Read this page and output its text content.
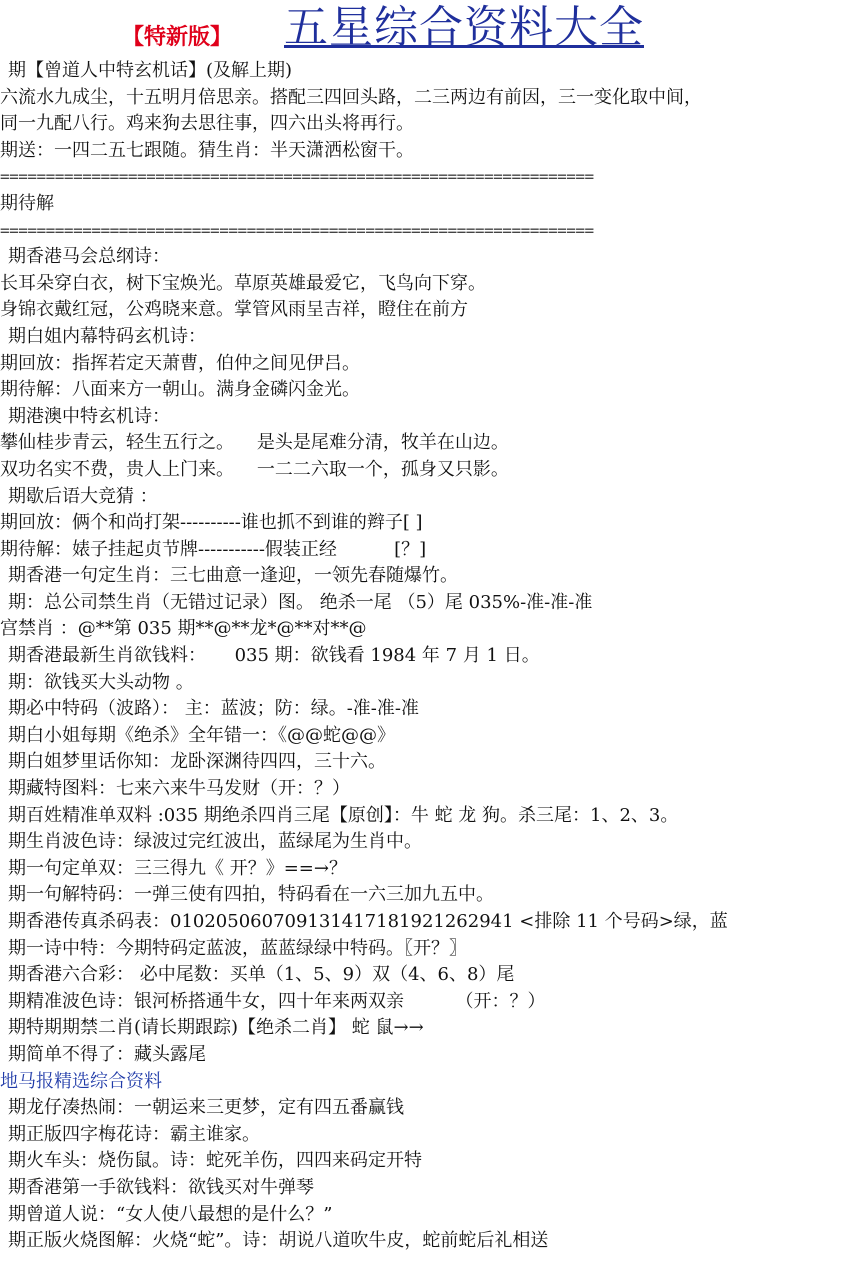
【特新版】 五星综合资料大全
期【曾道人中特玄机话】(及解上期)
六流水九成尘，十五明月倍思亲。搭配三四回头路，二三两边有前因，三一变化取中间，
同一九配八行。鸡来狗去思往事，四六出头将再行。
期送：一四二五七跟随。猜生肖：半天潇洒松窗干。
=================================================================
期待解
=================================================================
期香港马会总纲诗：
长耳朵穿白衣，树下宝焕光。草原英雄最爱它，飞鸟向下穿。
身锦衣戴红冠，公鸡晓来意。掌管风雨呈吉祥，瞪住在前方
期白姐内幕特码玄机诗：
期回放：指挥若定天萧曹，伯仲之间见伊吕。
期待解：八面来方一朝山。满身金磷闪金光。
期港澳中特玄机诗：
攀仙桂步青云，轻生五行之。    是头是尾难分清，牧羊在山边。
双功名实不费，贵人上门来。    一二二六取一个，孤身又只影。
期歇后语大竞猜 ：
期回放：俩个和尚打架----------谁也抓不到谁的辫子[ ]
期待解：婊子挂起贞节牌-----------假装正经          [？]
期香港一句定生肖：三七曲意一逢迎，一领先春随爆竹。
期：总公司禁生肖（无错过记录）图。 绝杀一尾 （5）尾 035%-准-准-准
宫禁肖 ：@**第 035 期**@**龙*@**对**@
期香港最新生肖欲钱料：     035 期：欲钱看 1984 年 7 月 1 日。
期：欲钱买大头动物 。
期必中特码（波路）： 主：蓝波；防：绿。-准-准-准
期白小姐每期《绝杀》全年错一：《@@蛇@@》
期白姐梦里话你知：龙卧深渊待四四，三十六。
期藏特图料：七来六来牛马发财（开：？）
期百姓精准单双料 :035 期绝杀四肖三尾【原创】：牛 蛇 龙 狗。杀三尾：1、2、3。
期生肖波色诗：绿波过完红波出，蓝绿尾为生肖中。
期一句定单双：三三得九《 开？》==→？
期一句解特码：一弹三使有四拍，特码看在一六三加九五中。
期香港传真杀码表：0102050607091314171819212629​41 <排除 11 个号码>绿，蓝
期一诗中特：今期特码定蓝波，蓝蓝绿绿中特码。〖开？〗
期香港六合彩： 必中尾数：买单（1、5、9）双（4、6、8）尾
期精准波色诗：银河桥搭通牛女，四十年来两双亲         （开：？）
期特期期禁二肖(请长期跟踪)【绝杀二肖】 蛇 鼠→→
期简单不得了：藏头露尾
地马报精选综合资料
期龙仔凑热闹：一朝运来三更梦，定有四五番赢钱
期正版四字梅花诗：霸主谁家。
期火车头：烧伤鼠。诗：蛇死羊伤，四四来码定开特
期香港第一手欲钱料：欲钱买对牛弹琴
期曾道人说：“女人使八最想的是什么？”
期正版火烧图解：火烧“蛇”。诗：胡说八道吹牛皮，蛇前蛇后礼相送
